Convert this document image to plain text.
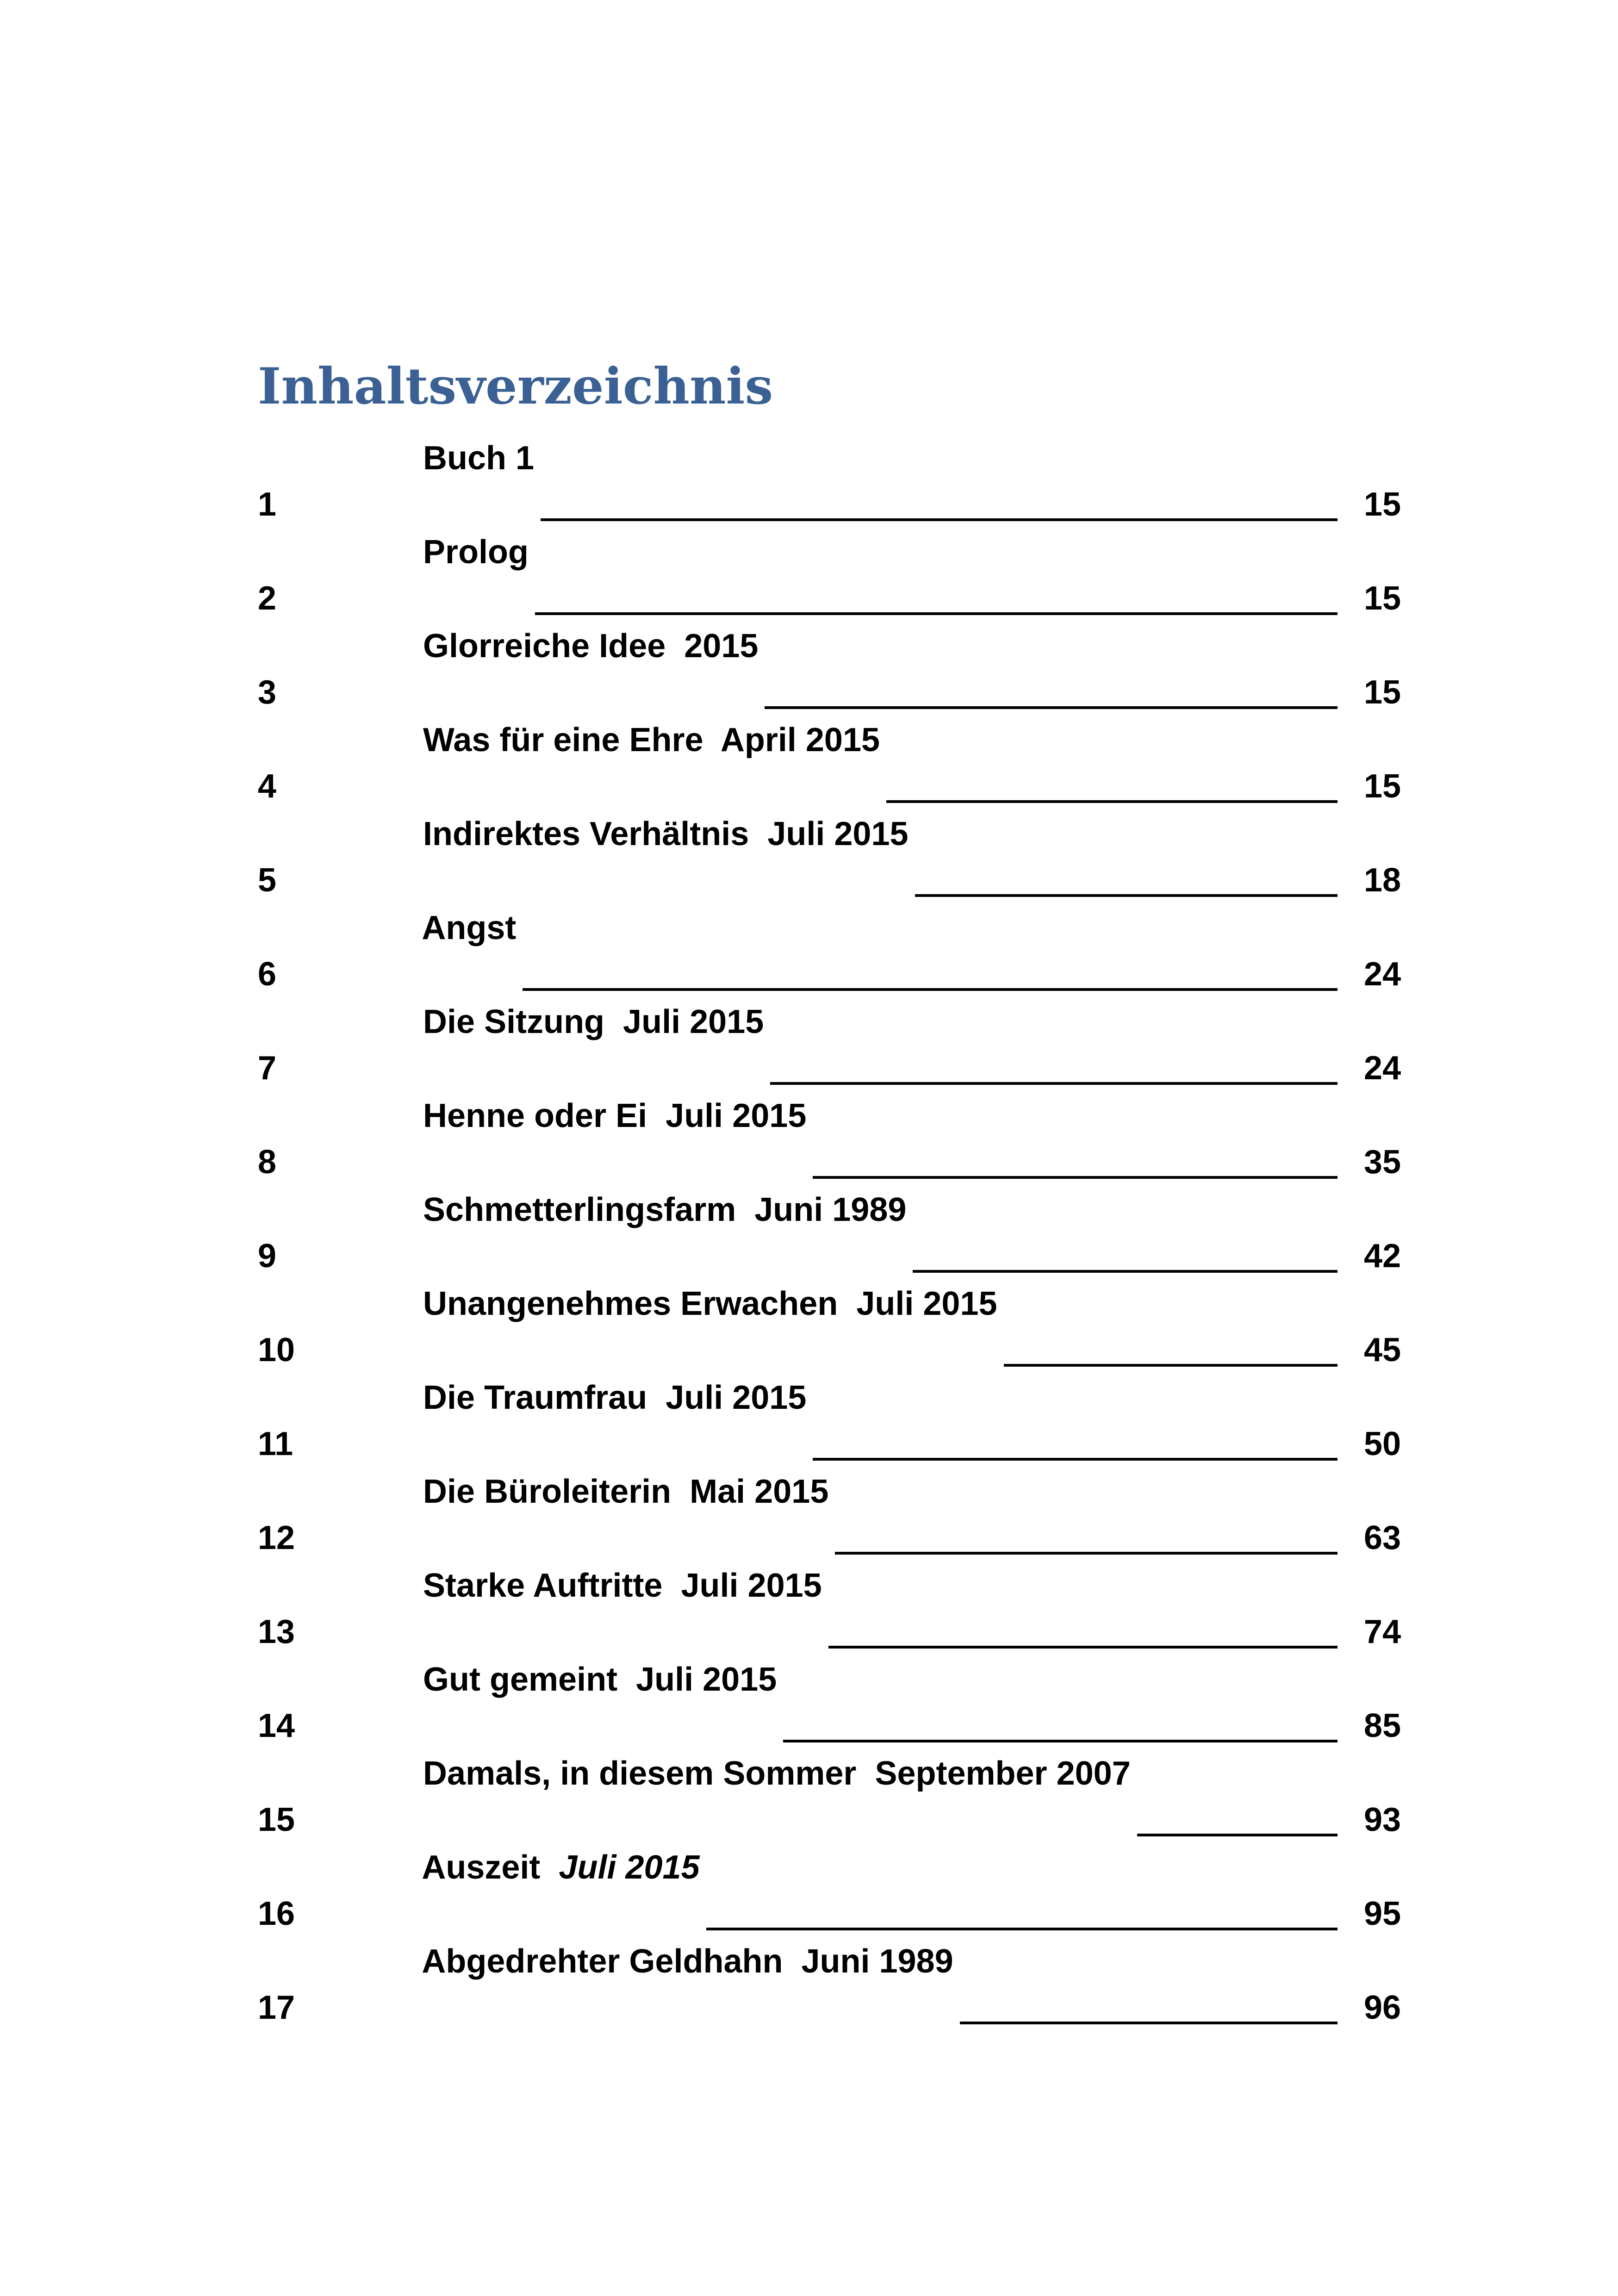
Inhaltsverzeichnis
1

Buch 1

15
2

Prolog

15
3

Glorreiche Idee 2015

15
4

Was für eine Ehre April 2015

15
5

Indirektes Verhältnis Juli 2015

18
6

Angst

24
7

Die Sitzung Juli 2015

24
8

Henne oder Ei Juli 2015

35
9

Schmetterlingsfarm Juni 1989

42
10

Unangenehmes Erwachen Juli 2015

45
11

Die Traumfrau Juli 2015

50
12

Die Büroleiterin Mai 2015

63
13

Starke Auftritte Juli 2015

74
14

Gut gemeint Juli 2015

85
15

Damals, in diesem Sommer September 2007

93
16

Auszeit Juli 2015

95
17

Abgedrehter Geldhahn Juni 1989

96
